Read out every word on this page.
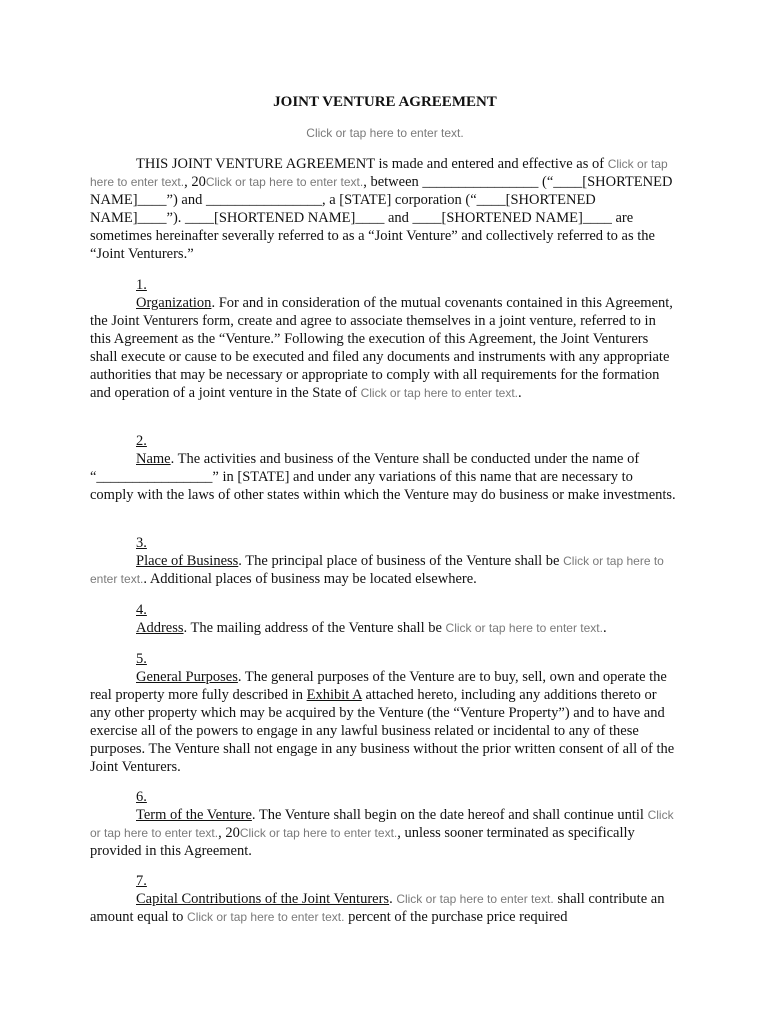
JOINT VENTURE AGREEMENT
Click or tap here to enter text.
THIS JOINT VENTURE AGREEMENT is made and entered and effective as of Click or tap here to enter text., 20Click or tap here to enter text., between ________________ (“____[SHORTENED NAME]____”) and ________________, a [STATE] corporation (“____[SHORTENED NAME]____”). ____[SHORTENED NAME]____ and ____[SHORTENED NAME]____ are sometimes hereinafter severally referred to as a “Joint Venture” and collectively referred to as the “Joint Venturers.”
1.
Organization. For and in consideration of the mutual covenants contained in this Agreement, the Joint Venturers form, create and agree to associate themselves in a joint venture, referred to in this Agreement as the “Venture.” Following the execution of this Agreement, the Joint Venturers shall execute or cause to be executed and filed any documents and instruments with any appropriate authorities that may be necessary or appropriate to comply with all requirements for the formation and operation of a joint venture in the State of Click or tap here to enter text..
2.
Name. The activities and business of the Venture shall be conducted under the name of “________________” in [STATE] and under any variations of this name that are necessary to comply with the laws of other states within which the Venture may do business or make investments.
3.
Place of Business. The principal place of business of the Venture shall be Click or tap here to enter text.. Additional places of business may be located elsewhere.
4.
Address. The mailing address of the Venture shall be Click or tap here to enter text..
5.
General Purposes. The general purposes of the Venture are to buy, sell, own and operate the real property more fully described in Exhibit A attached hereto, including any additions thereto or any other property which may be acquired by the Venture (the “Venture Property”) and to have and exercise all of the powers to engage in any lawful business related or incidental to any of these purposes. The Venture shall not engage in any business without the prior written consent of all of the Joint Venturers.
6.
Term of the Venture. The Venture shall begin on the date hereof and shall continue until Click or tap here to enter text., 20Click or tap here to enter text., unless sooner terminated as specifically provided in this Agreement.
7.
Capital Contributions of the Joint Venturers. Click or tap here to enter text. shall contribute an amount equal to Click or tap here to enter text. percent of the purchase price required
